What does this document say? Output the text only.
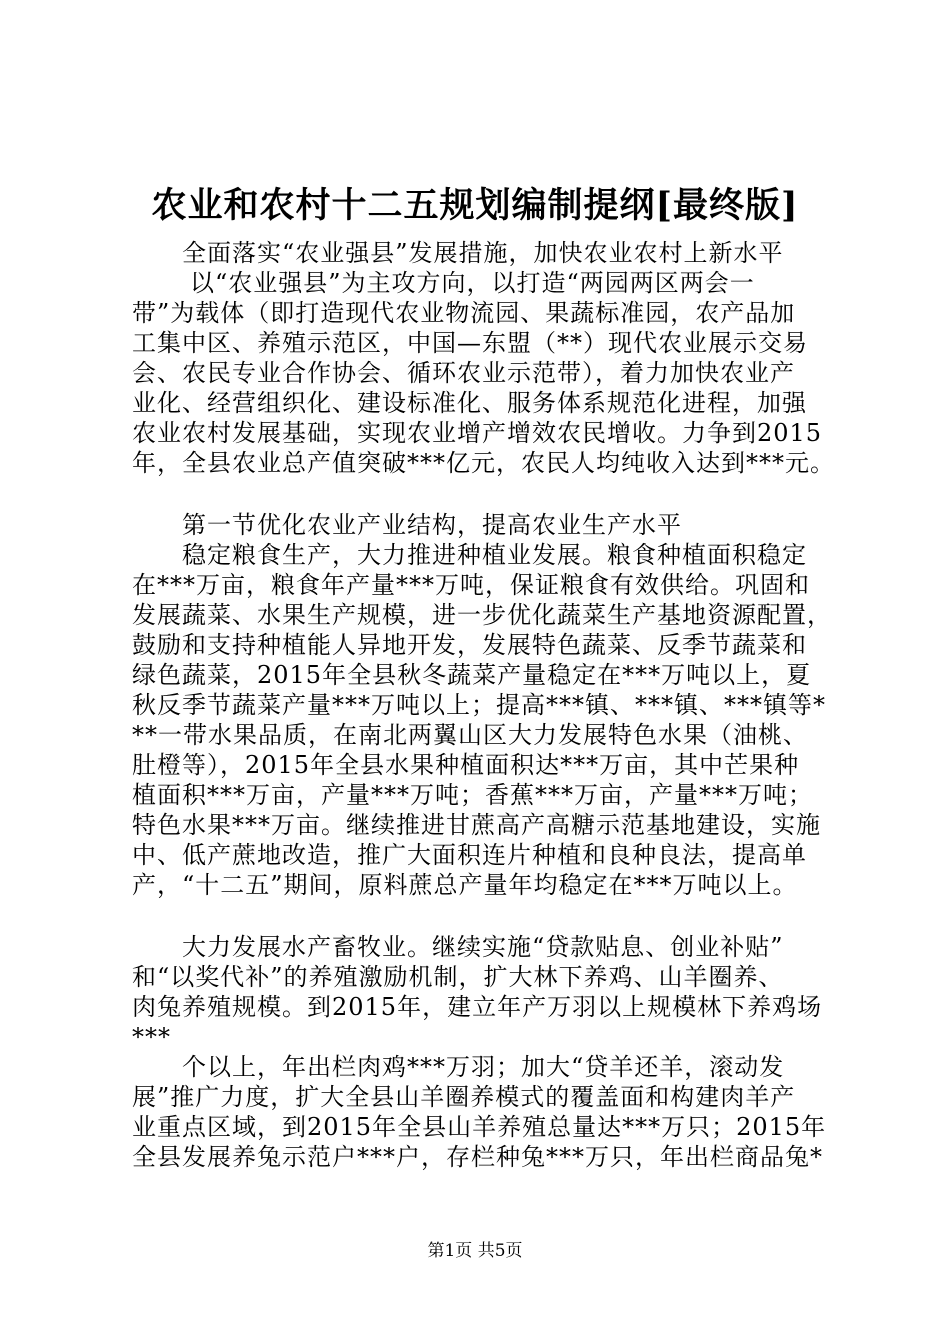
农业和农村十二五规划编制提纲[最终版]
全面落实“农业强县”发展措施，加快农业农村上新水平
以“农业强县”为主攻方向，以打造“两园两区两会一
带”为载体（即打造现代农业物流园、果蔬标准园，农产品加
工集中区、养殖示范区，中国—东盟（**）现代农业展示交易
会、农民专业合作协会、循环农业示范带），着力加快农业产
业化、经营组织化、建设标准化、服务体系规范化进程，加强
农业农村发展基础，实现农业增产增效农民增收。力争到2015
年，全县农业总产值突破***亿元，农民人均纯收入达到***元。
第一节优化农业产业结构，提高农业生产水平
稳定粮食生产，大力推进种植业发展。粮食种植面积稳定
在***万亩，粮食年产量***万吨，保证粮食有效供给。巩固和
发展蔬菜、水果生产规模，进一步优化蔬菜生产基地资源配置，
鼓励和支持种植能人异地开发，发展特色蔬菜、反季节蔬菜和
绿色蔬菜，2015年全县秋冬蔬菜产量稳定在***万吨以上，夏
秋反季节蔬菜产量***万吨以上；提高***镇、***镇、***镇等*
**一带水果品质，在南北两翼山区大力发展特色水果（油桃、
肚橙等），2015年全县水果种植面积达***万亩，其中芒果种
植面积***万亩，产量***万吨；香蕉***万亩，产量***万吨；
特色水果***万亩。继续推进甘蔗高产高糖示范基地建设，实施
中、低产蔗地改造，推广大面积连片种植和良种良法，提高单
产，“十二五”期间，原料蔗总产量年均稳定在***万吨以上。
大力发展水产畜牧业。继续实施“贷款贴息、创业补贴”
和“以奖代补”的养殖激励机制，扩大林下养鸡、山羊圈养、
肉兔养殖规模。到2015年，建立年产万羽以上规模林下养鸡场
***
个以上，年出栏肉鸡***万羽；加大“贷羊还羊，滚动发
展”推广力度，扩大全县山羊圈养模式的覆盖面和构建肉羊产
业重点区域，到2015年全县山羊养殖总量达***万只；2015年
全县发展养兔示范户***户，存栏种兔***万只，年出栏商品兔*
第1页 共5页
